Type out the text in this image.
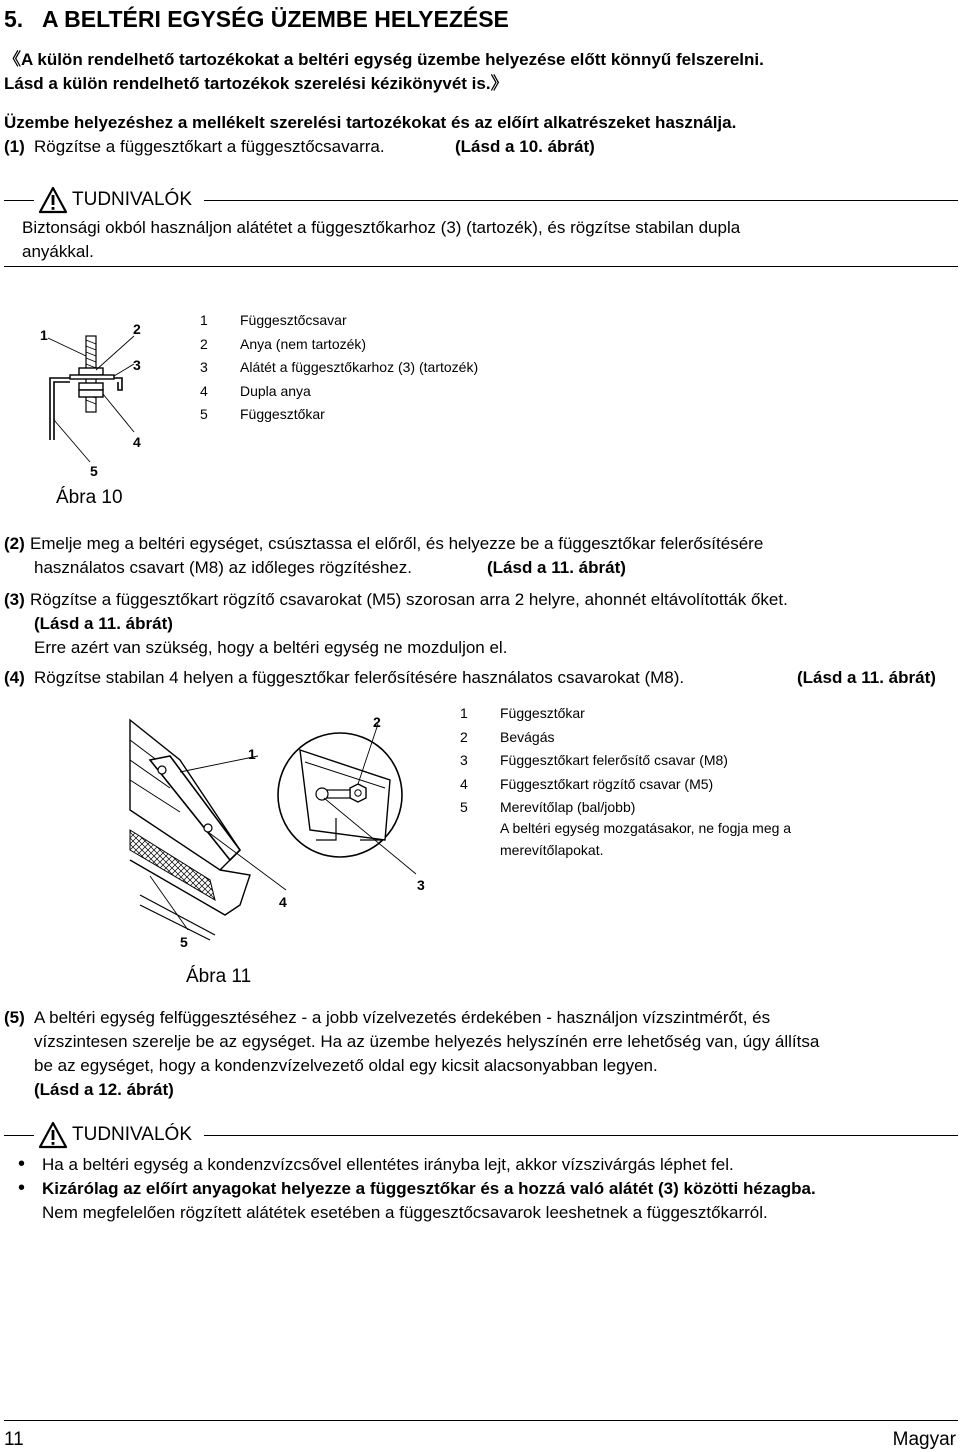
5. A BELTÉRI EGYSÉG ÜZEMBE HELYEZÉSE
《A külön rendelhető tartozékokat a beltéri egység üzembe helyezése előtt könnyű felszerelni.
Lásd a külön rendelhető tartozékok szerelési kézikönyvét is.》
Üzembe helyezéshez a mellékelt szerelési tartozékokat és az előírt alkatrészeket használja.
(1) Rögzítse a függesztőkart a függesztőcsavarra.	(Lásd a 10. ábrát)
TUDNIVALÓK
Biztonsági okból használjon alátétet a függesztőkarhoz (3) (tartozék), és rögzítse stabilan dupla
anyákkal.
1	2
3
4
5
Ábra 10
1 Függesztőcsavar
2 Anya (nem tartozék)
3 Alátét a függesztőkarhoz (3) (tartozék)
4 Dupla anya
5 Függesztőkar
(2) Emelje meg a beltéri egységet, csúsztassa el előről, és helyezze be a függesztőkar felerősítésére
használatos csavart (M8) az időleges rögzítéshez.	(Lásd a 11. ábrát)
(3) Rögzítse a függesztőkart rögzítő csavarokat (M5) szorosan arra 2 helyre, ahonnét eltávolították őket.
(Lásd a 11. ábrát)
Erre azért van szükség, hogy a beltéri egység ne mozduljon el.
(4) Rögzítse stabilan 4 helyen a függesztőkar felerősítésére használatos csavarokat (M8).	(Lásd a 11. ábrát)
1
2
3
4
5
Ábra 11
1 Függesztőkar
2 Bevágás
3 Függesztőkart felerősítő csavar (M8)
4 Függesztőkart rögzítő csavar (M5)
5 Merevítőlap (bal/jobb)
A beltéri egység mozgatásakor, ne fogja meg a
merevítőlapokat.
(5) A beltéri egység felfüggesztéséhez - a jobb vízelvezetés érdekében - használjon vízszintmérőt, és
vízszintesen szerelje be az egységet. Ha az üzembe helyezés helyszínén erre lehetőség van, úgy állítsa
be az egységet, hogy a kondenzvízelvezető oldal egy kicsit alacsonyabban legyen.
(Lásd a 12. ábrát)
TUDNIVALÓK
• Ha a beltéri egység a kondenzvízcsővel ellentétes irányba lejt, akkor vízszivárgás léphet fel.
• Kizárólag az előírt anyagokat helyezze a függesztőkar és a hozzá való alátét (3) közötti hézagba.
Nem megfelelően rögzített alátétek esetében a függesztőcsavarok leeshetnek a függesztőkarról.
11	Magyar
